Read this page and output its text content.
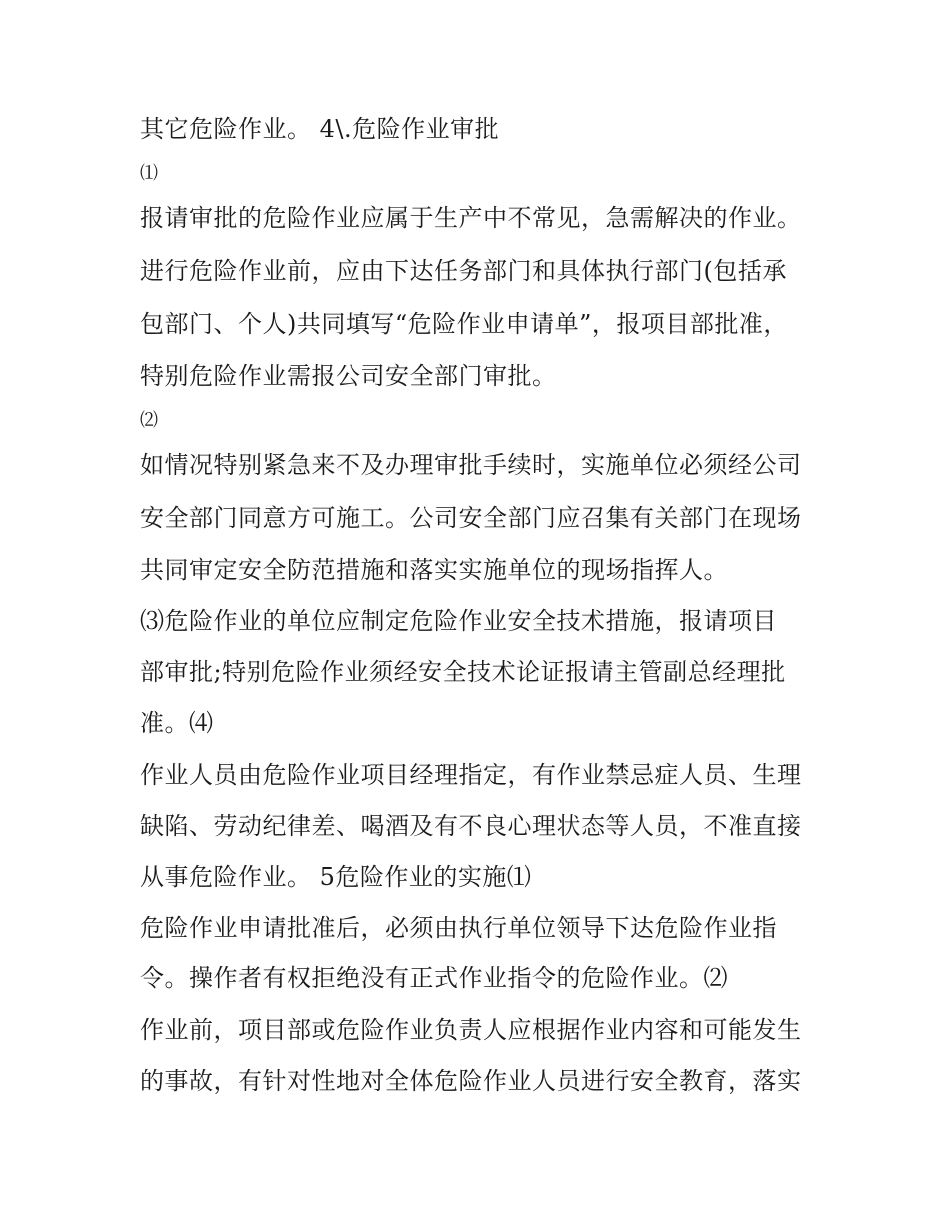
其它危险作业。 4\.危险作业审批
⑴
报请审批的危险作业应属于生产中不常见，急需解决的作业。
进行危险作业前，应由下达任务部门和具体执行部门(包括承
包部门、个人)共同填写“危险作业申请单”，报项目部批准，
特别危险作业需报公司安全部门审批。
⑵
如情况特别紧急来不及办理审批手续时，实施单位必须经公司
安全部门同意方可施工。公司安全部门应召集有关部门在现场
共同审定安全防范措施和落实实施单位的现场指挥人。
⑶危险作业的单位应制定危险作业安全技术措施，报请项目
部审批;特别危险作业须经安全技术论证报请主管副总经理批
准。⑷
作业人员由危险作业项目经理指定，有作业禁忌症人员、生理
缺陷、劳动纪律差、喝酒及有不良心理状态等人员，不准直接
从事危险作业。 5危险作业的实施⑴
危险作业申请批准后，必须由执行单位领导下达危险作业指
令。操作者有权拒绝没有正式作业指令的危险作业。⑵
作业前，项目部或危险作业负责人应根据作业内容和可能发生
的事故，有针对性地对全体危险作业人员进行安全教育，落实
